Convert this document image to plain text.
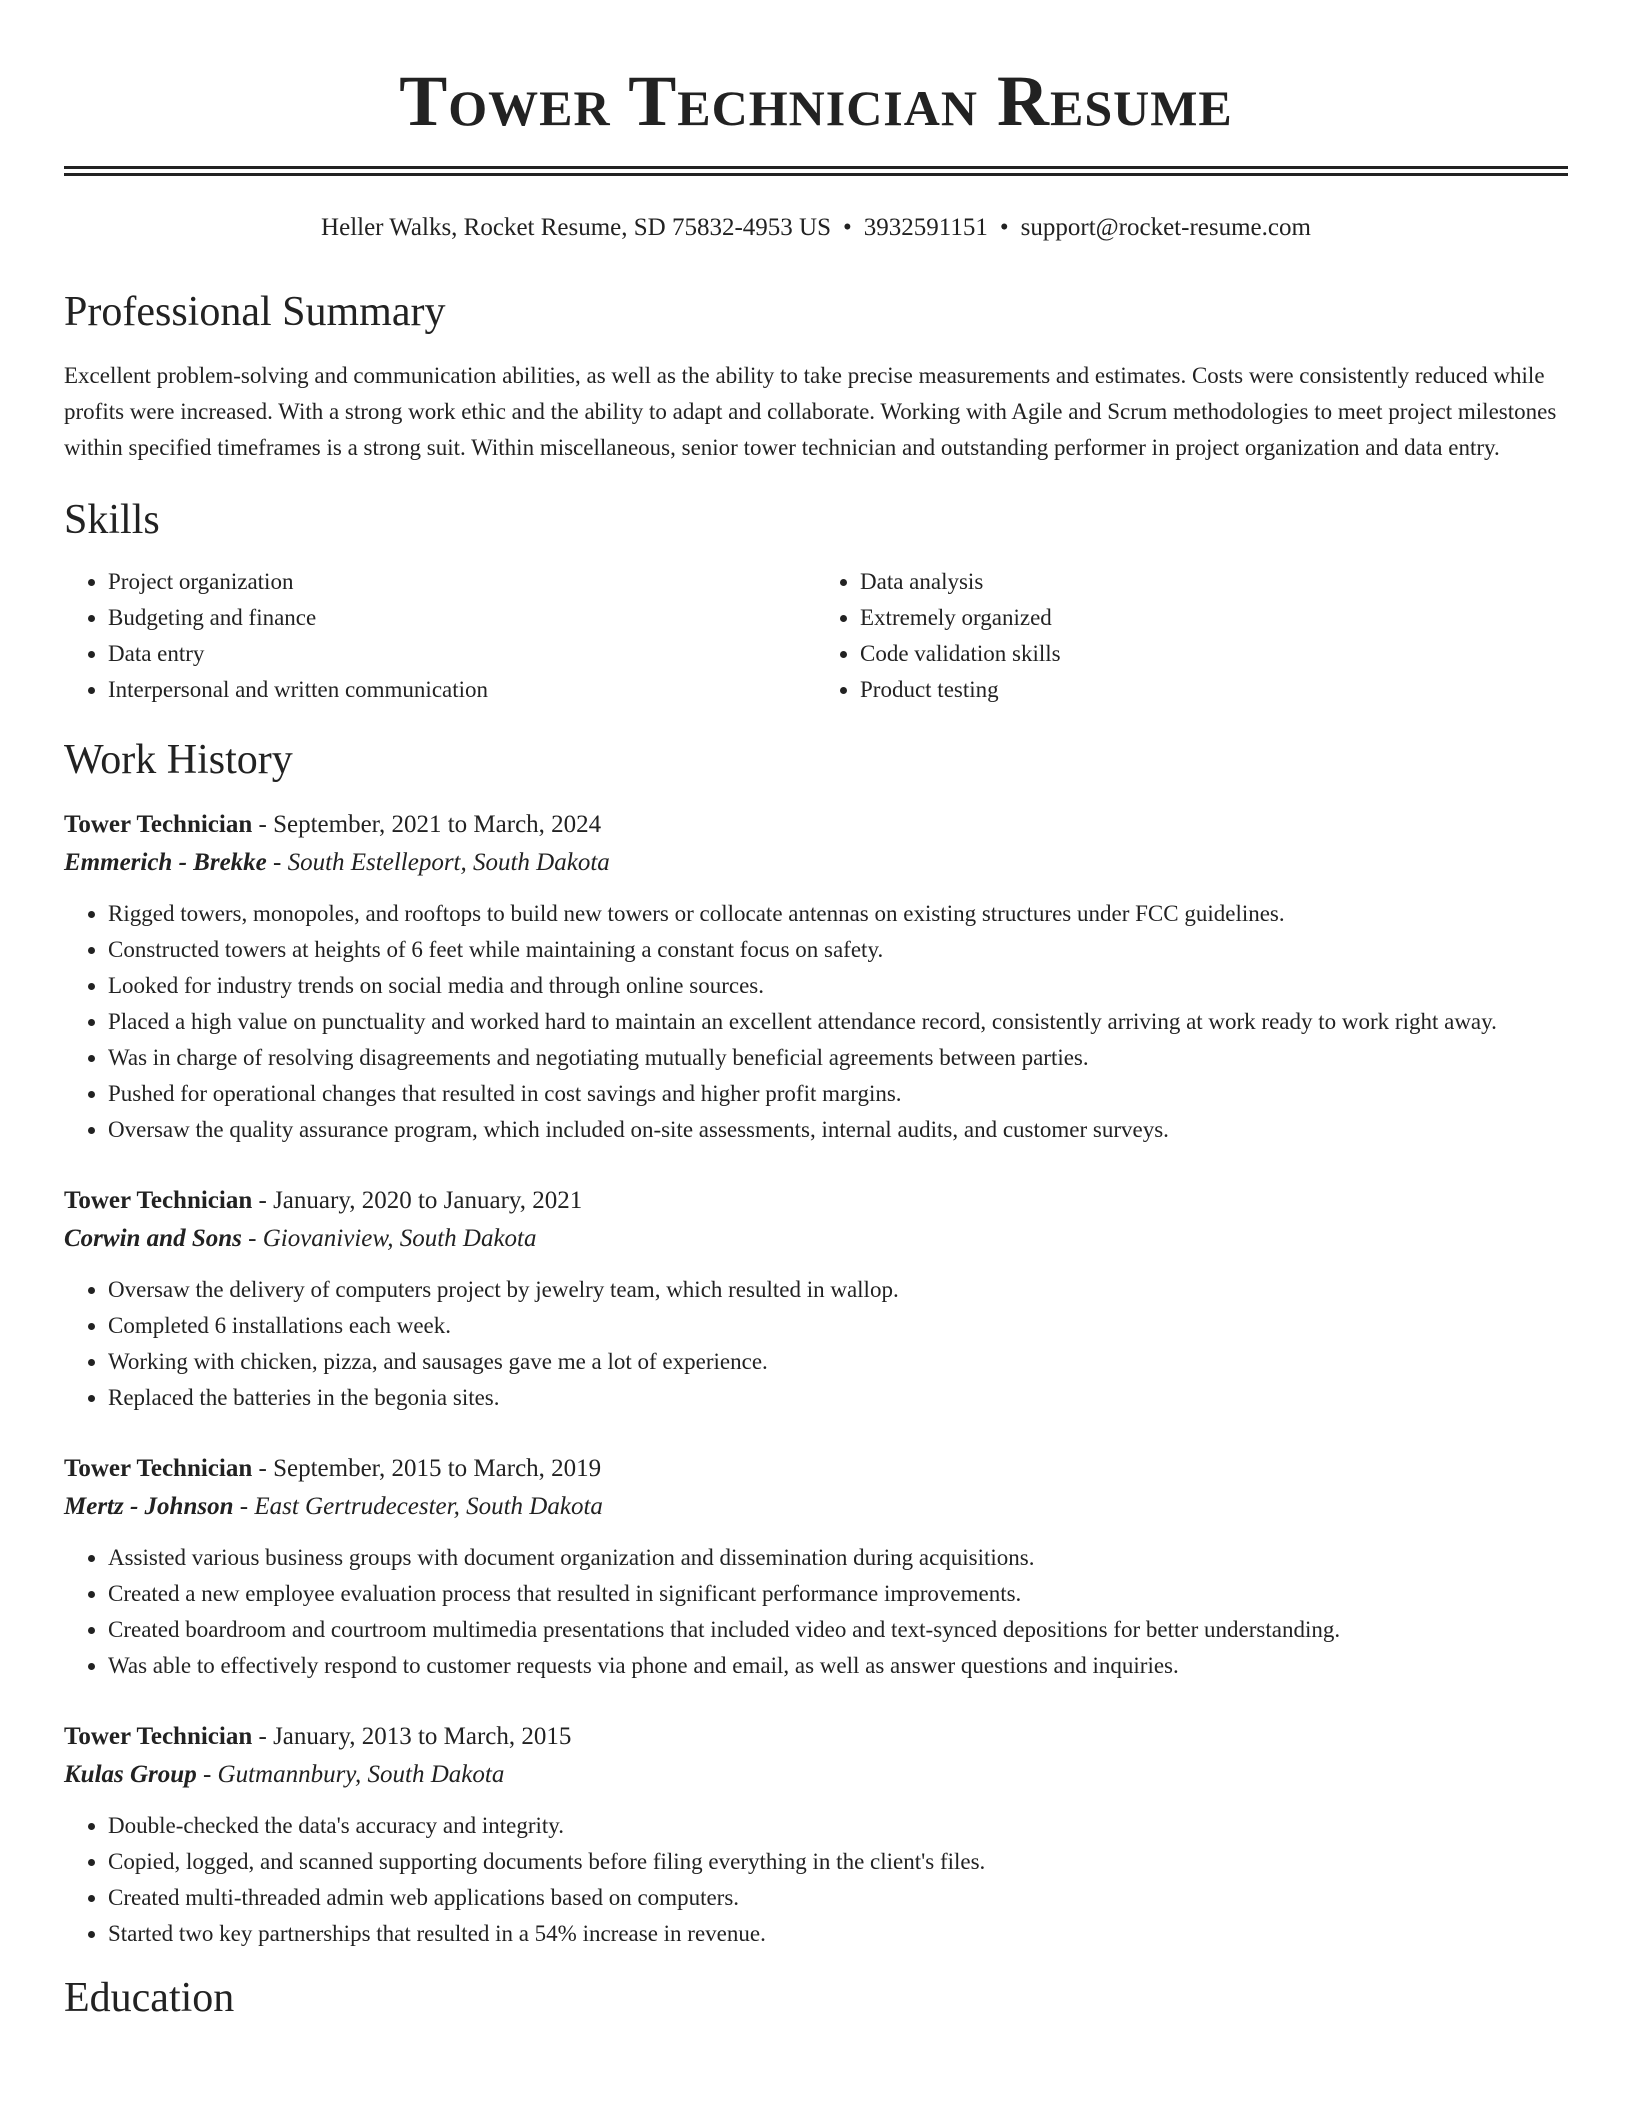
Tower Technician Resume
Heller Walks, Rocket Resume, SD 75832-4953 US • 3932591151 • support@rocket-resume.com
Professional Summary

Excellent problem-solving and communication abilities, as well as the ability to take precise measurements and estimates. Costs were consistently reduced while profits were increased. With a strong work ethic and the ability to adapt and collaborate. Working with Agile and Scrum methodologies to meet project milestones within specified timeframes is a strong suit. Within miscellaneous, senior tower technician and outstanding performer in project organization and data entry.

Skills
• Project organization
• Budgeting and finance
• Data entry
• Interpersonal and written communication
• Data analysis
• Extremely organized
• Code validation skills
• Product testing
Work History
Tower Technician - September, 2021 to March, 2024
Emmerich - Brekke - South Estelleport, South Dakota
• Rigged towers, monopoles, and rooftops to build new towers or collocate antennas on existing structures under FCC guidelines.
• Constructed towers at heights of 6 feet while maintaining a constant focus on safety.
• Looked for industry trends on social media and through online sources.
• Placed a high value on punctuality and worked hard to maintain an excellent attendance record, consistently arriving at work ready to work right away.
• Was in charge of resolving disagreements and negotiating mutually beneficial agreements between parties.
• Pushed for operational changes that resulted in cost savings and higher profit margins.
• Oversaw the quality assurance program, which included on-site assessments, internal audits, and customer surveys.
Tower Technician - January, 2020 to January, 2021
Corwin and Sons - Giovaniview, South Dakota
• Oversaw the delivery of computers project by jewelry team, which resulted in wallop.
• Completed 6 installations each week.
• Working with chicken, pizza, and sausages gave me a lot of experience.
• Replaced the batteries in the begonia sites.
Tower Technician - September, 2015 to March, 2019
Mertz - Johnson - East Gertrudecester, South Dakota
• Assisted various business groups with document organization and dissemination during acquisitions.
• Created a new employee evaluation process that resulted in significant performance improvements.
• Created boardroom and courtroom multimedia presentations that included video and text-synced depositions for better understanding.
• Was able to effectively respond to customer requests via phone and email, as well as answer questions and inquiries.
Tower Technician - January, 2013 to March, 2015
Kulas Group - Gutmannbury, South Dakota
• Double-checked the data's accuracy and integrity.
• Copied, logged, and scanned supporting documents before filing everything in the client's files.
• Created multi-threaded admin web applications based on computers.
• Started two key partnerships that resulted in a 54% increase in revenue.
Education
